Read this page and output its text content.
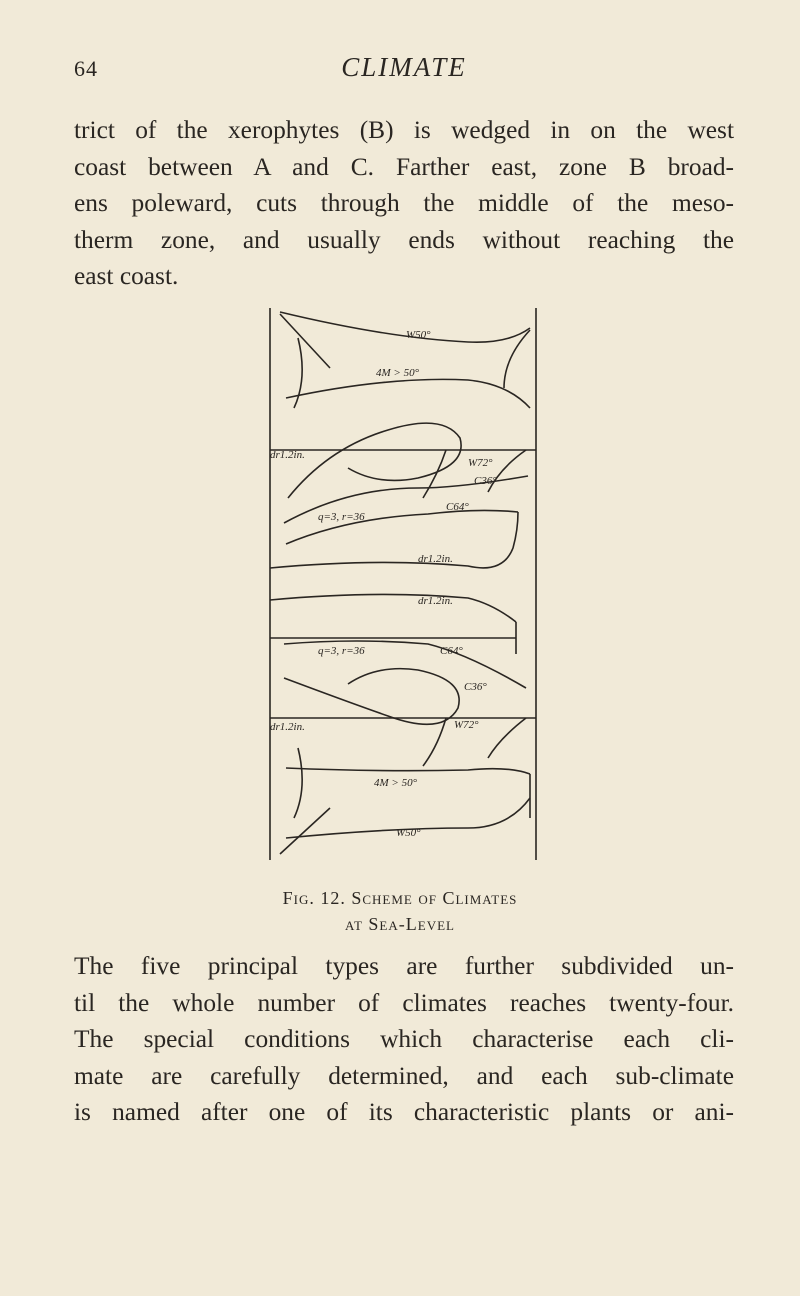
64	CLIMATE

trict of the xerophytes (B) is wedged in on the west
coast between A and C. Farther east, zone B broad-
ens poleward, cuts through the middle of the meso-
therm zone, and usually ends without reaching the
east coast.

W50°
4M > 50°
dr1.2in.
W72°
C36°
C64°
q=3, r=36
dr1.2in.
dr1.2in.
q=3, r=36	C64°
C36°
dr1.2in.	W72°
4M > 50°
W50°
Fig. 12. Scheme of Climates
at Sea-Level

The five principal types are further subdivided un-
til the whole number of climates reaches twenty-four.
The special conditions which characterise each cli-
mate are carefully determined, and each sub-climate
is named after one of its characteristic plants or ani-
